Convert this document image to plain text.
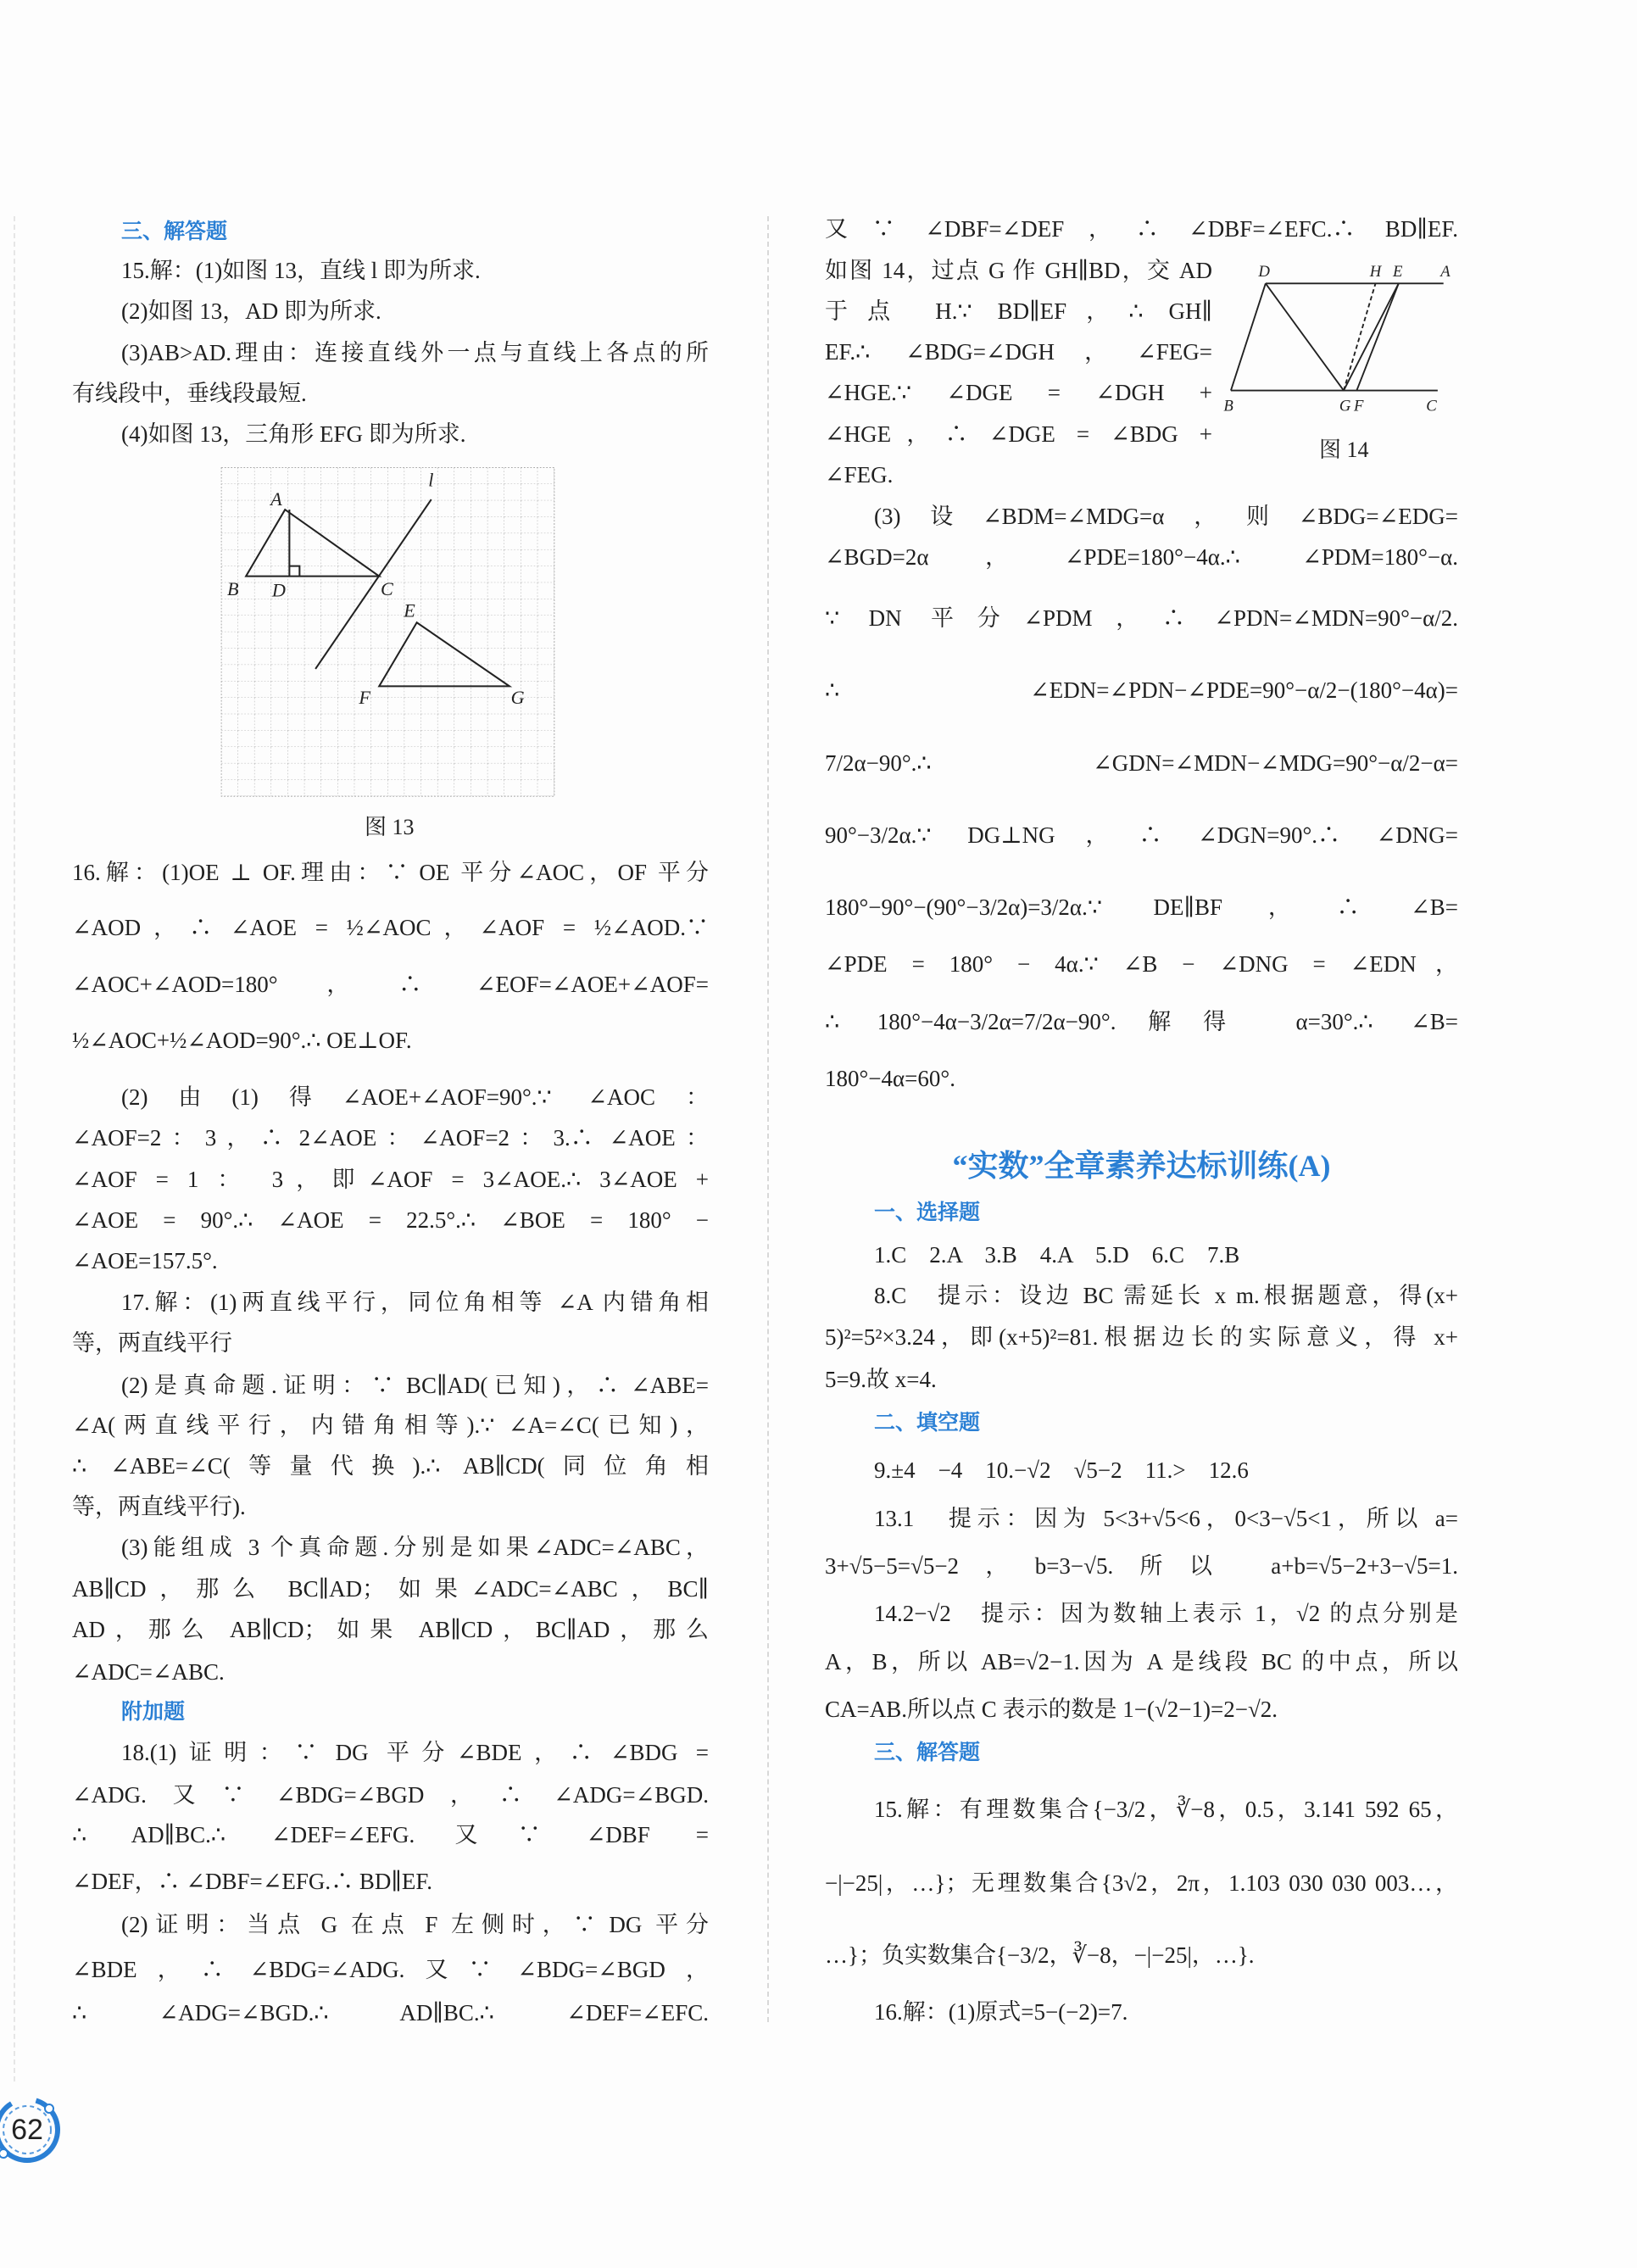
三、解答题
15.解：(1)如图 13，直线 l 即为所求.
(2)如图 13，AD 即为所求.
(3)AB>AD.理由：连接直线外一点与直线上各点的所
有线段中，垂线段最短.
(4)如图 13，三角形 EFG 即为所求.
A
B	D	C
l
E
F	G
图 13
16.解：(1)OE ⊥ OF.理由：∵ OE 平分∠AOC，OF 平分
∠AOD，∴ ∠AOE = ½∠AOC，∠AOF = ½∠AOD.∵
∠AOC+∠AOD=180°，∴ ∠EOF=∠AOE+∠AOF=
½∠AOC+½∠AOD=90°.∴ OE⊥OF.
(2)由(1)得∠AOE+∠AOF=90°.∵ ∠AOC：
∠AOF=2：3，∴ 2∠AOE：∠AOF=2：3.∴ ∠AOE：
∠AOF = 1 ： 3，即∠AOF = 3∠AOE.∴ 3∠AOE +
∠AOE = 90°.∴ ∠AOE = 22.5°.∴ ∠BOE = 180° −
∠AOE=157.5°.
17.解：(1)两直线平行，同位角相等 ∠A 内错角相
等，两直线平行
(2)是真命题.证明：∵ BC∥AD(已知)，∴ ∠ABE=
∠A(两直线平行，内错角相等).∵ ∠A=∠C(已知)，
∴ ∠ABE=∠C(等量代换).∴ AB∥CD(同位角相
等，两直线平行).
(3)能组成 3 个真命题.分别是如果∠ADC=∠ABC，
AB∥CD，那么 BC∥AD；如果∠ADC=∠ABC，BC∥
AD，那么 AB∥CD；如果 AB∥CD，BC∥AD，那么
∠ADC=∠ABC.
附加题
18.(1)证明：∵ DG 平分∠BDE，∴ ∠BDG =
∠ADG.又∵ ∠BDG=∠BGD，∴ ∠ADG=∠BGD.
∴ AD∥BC.∴ ∠DEF=∠EFG.又∵ ∠DBF =
∠DEF，∴ ∠DBF=∠EFG.∴ BD∥EF.
(2)证明：当点 G 在点 F 左侧时，∵ DG 平分
∠BDE，∴ ∠BDG=∠ADG.又∵ ∠BDG=∠BGD，
∴ ∠ADG=∠BGD.∴ AD∥BC.∴ ∠DEF=∠EFC.
又∵ ∠DBF=∠DEF，∴ ∠DBF=∠EFC.∴ BD∥EF.
如图 14，过点 G 作 GH∥BD，交 AD
于点 H.∵ BD∥EF，∴ GH∥
EF.∴ ∠BDG=∠DGH，∠FEG=
∠HGE.∵ ∠DGE = ∠DGH +
∠HGE，∴ ∠DGE = ∠BDG +
∠FEG.
D	H E	A
B	G F	C
图 14
(3)设∠BDM=∠MDG=α，则∠BDG=∠EDG=
∠BGD=2α，∠PDE=180°−4α.∴ ∠PDM=180°−α.
∵ DN 平分∠PDM，∴ ∠PDN=∠MDN=90°−α/2.
∴ ∠EDN=∠PDN−∠PDE=90°−α/2−(180°−4α)=
7/2α−90°.∴ ∠GDN=∠MDN−∠MDG=90°−α/2−α=
90°−3/2α.∵ DG⊥NG，∴ ∠DGN=90°.∴ ∠DNG=
180°−90°−(90°−3/2α)=3/2α.∵ DE∥BF，∴ ∠B=
∠PDE = 180° − 4α.∵ ∠B − ∠DNG = ∠EDN，
∴ 180°−4α−3/2α=7/2α−90°.解得 α=30°.∴ ∠B=
180°−4α=60°.
“实数”全章素养达标训练(A)
一、选择题
1.C　2.A　3.B　4.A　5.D　6.C　7.B
8.C　提示：设边 BC 需延长 x m.根据题意，得(x+
5)²=5²×3.24，即(x+5)²=81.根据边长的实际意义，得 x+
5=9.故 x=4.
二、填空题
9.±4　−4　10.−√2　√5−2　11.>　12.6
13.1　提示：因为 5<3+√5<6，0<3−√5<1，所以 a=
3+√5−5=√5−2，b=3−√5.所以 a+b=√5−2+3−√5=1.
14.2−√2　提示：因为数轴上表示 1，√2 的点分别是
A，B，所以 AB=√2−1.因为 A 是线段 BC 的中点，所以
CA=AB.所以点 C 表示的数是 1−(√2−1)=2−√2.
三、解答题
15.解：有理数集合{−3/2，∛−8，0.5，3.141 592 65，
−|−25|，…}；无理数集合{3√2，2π，1.103 030 030 003…，
…}；负实数集合{−3/2，∛−8，−|−25|，…}.
16.解：(1)原式=5−(−2)=7.
62
